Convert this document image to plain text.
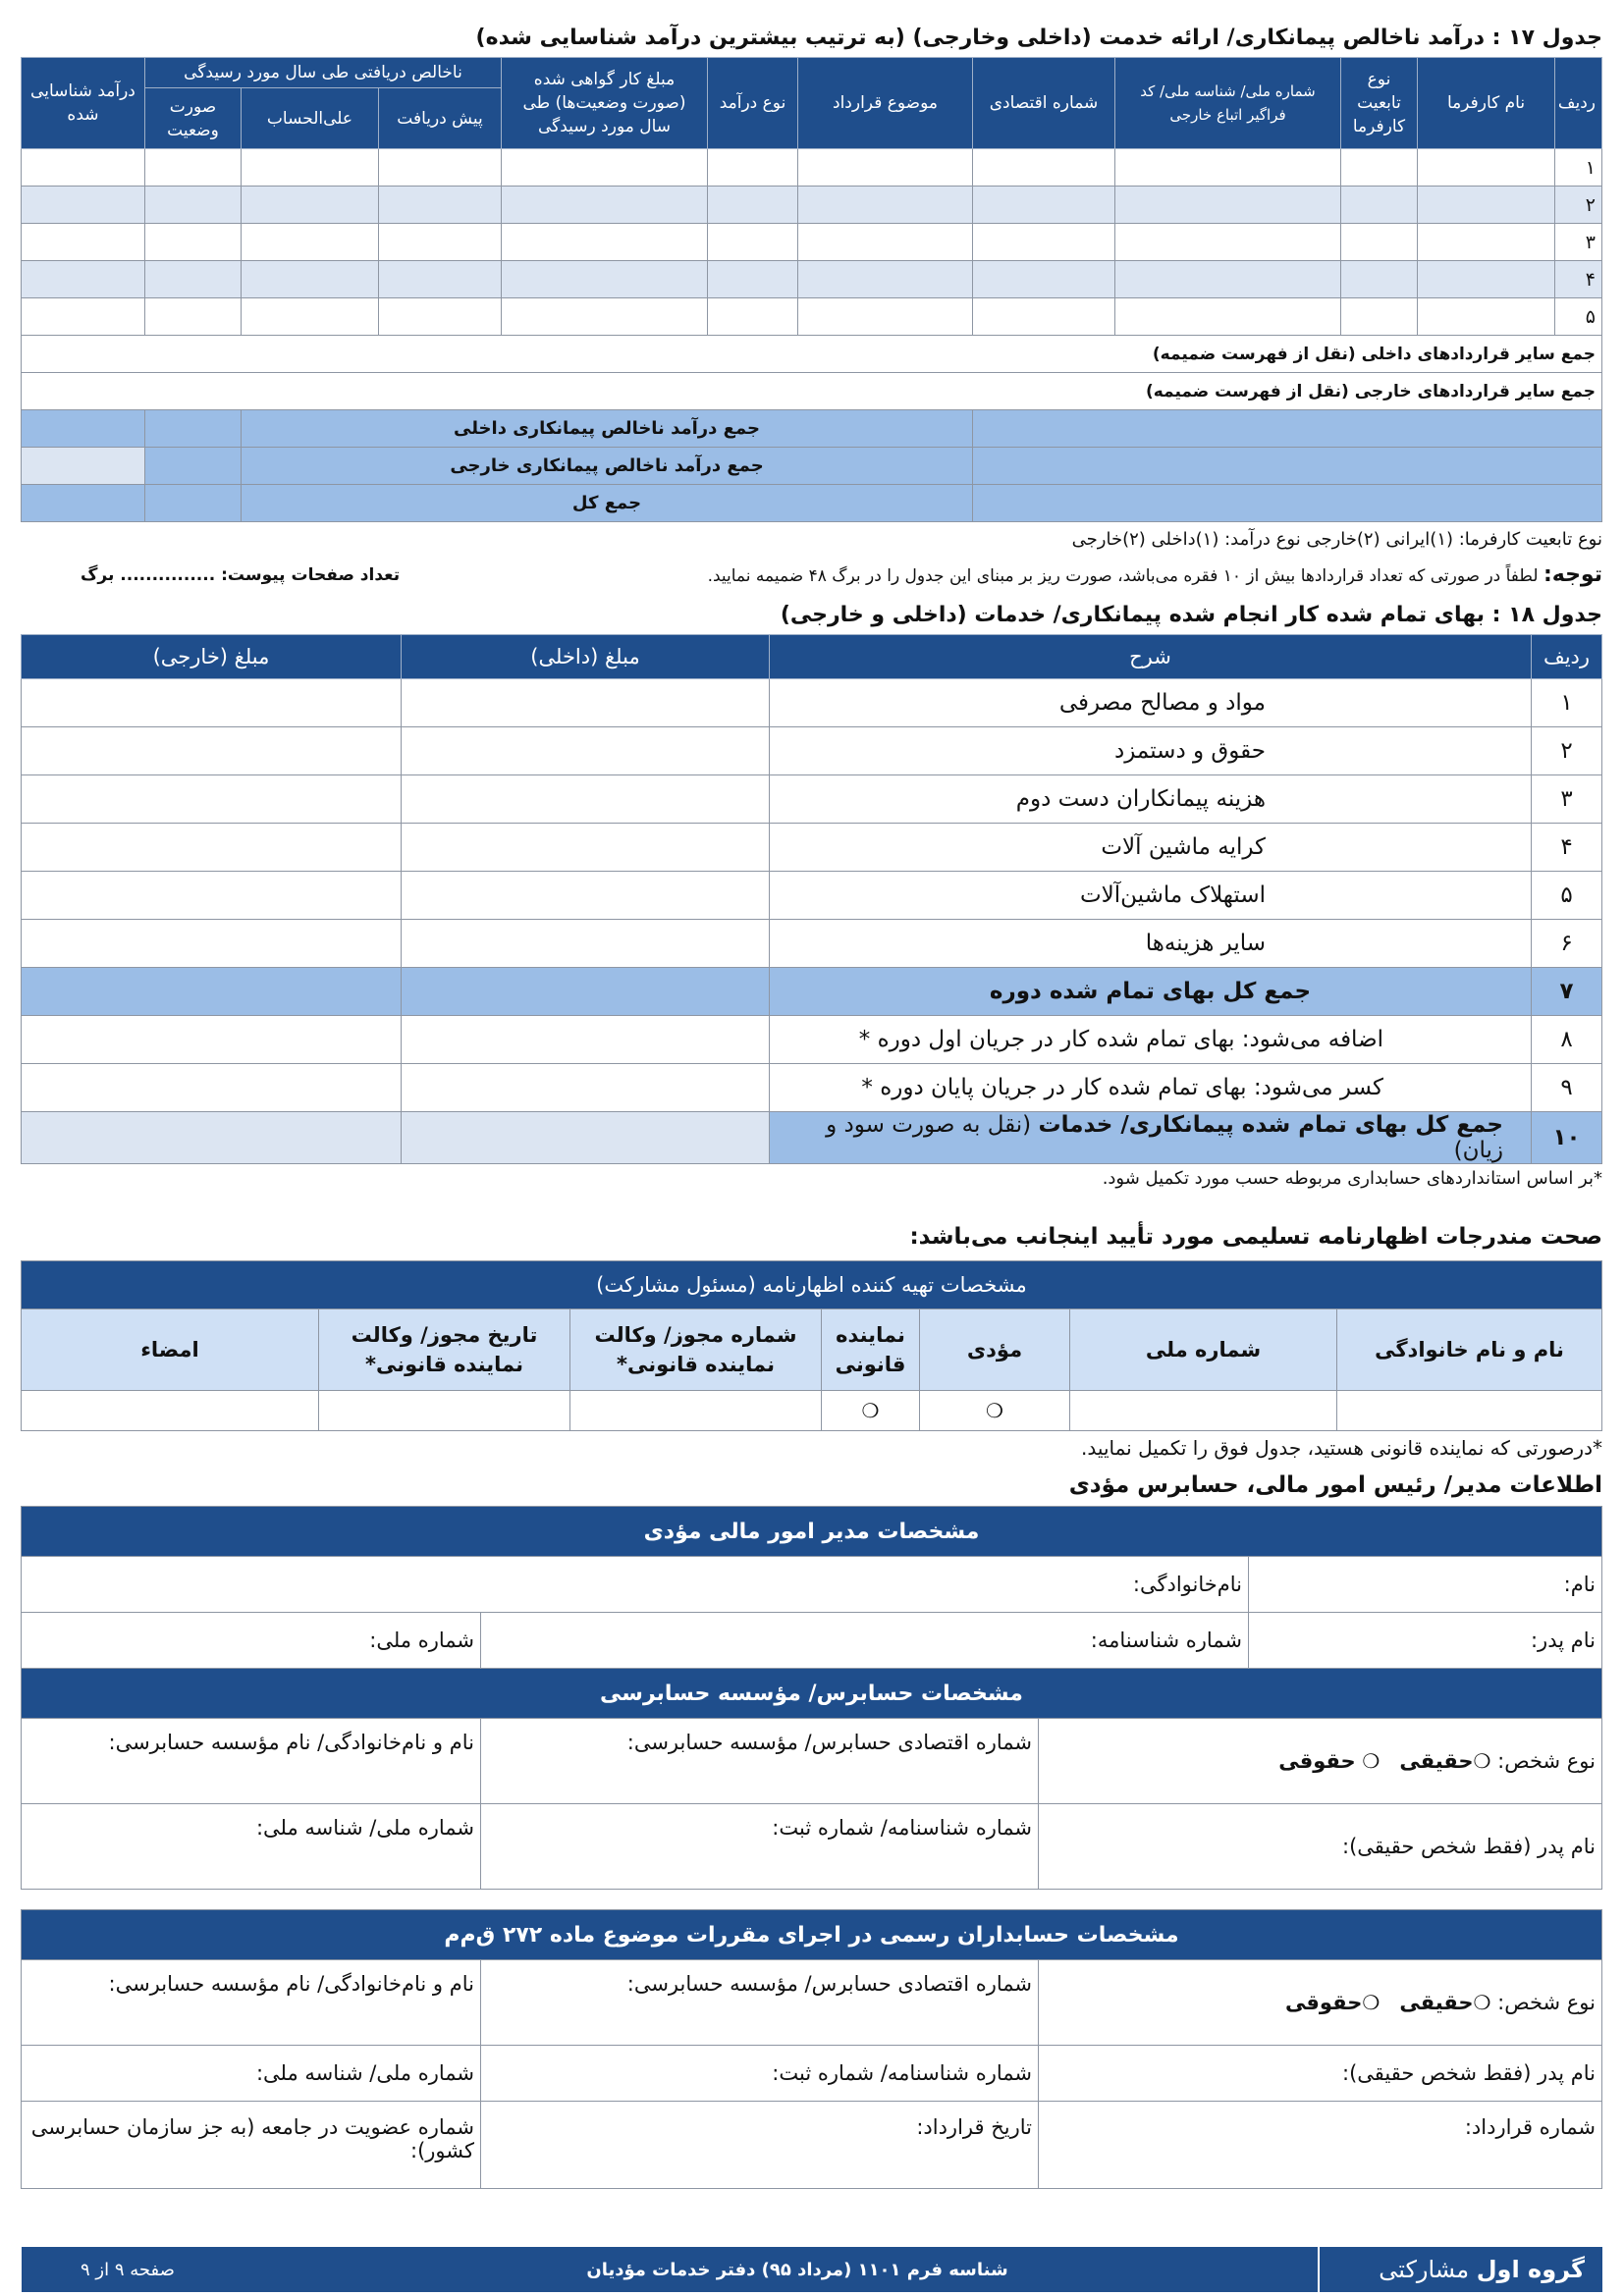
جدول ۱۷ : درآمد ناخالص پیمانکاری/ ارائه خدمت (داخلی وخارجی) (به ترتیب بیشترین درآمد شناسایی شده)
ردیف	نام کارفرما	نوع تابعیت کارفرما	شماره ملی/ شناسه ملی/ کد فراگیر اتباع خارجی	شماره اقتصادی	موضوع قرارداد	نوع درآمد	مبلغ کار گواهی شده (صورت وضعیت‌ها) طی سال مورد رسیدگی	ناخالص دریافتی طی سال مورد رسیدگی			درآمد شناسایی شده
								پیش دریافت	علی‌الحساب	صورت وضعیت	
۱											
۲											
۳											
۴											
۵											
جمع سایر قراردادهای داخلی (نقل از فهرست ضمیمه)											
جمع سایر قراردادهای خارجی (نقل از فهرست ضمیمه)											
					جمع درآمد ناخالص پیمانکاری داخلی						
					جمع درآمد ناخالص پیمانکاری خارجی						
					جمع کل						
نوع تابعیت کارفرما: (۱)ایرانی (۲)خارجی نوع درآمد: (۱)داخلی (۲)خارجی
توجه: لطفاً در صورتی که تعداد قراردادها بیش از ۱۰ فقره می‌باشد، صورت ریز بر مبنای این جدول را در برگ ۴۸ ضمیمه نمایید.
تعداد صفحات پیوست: ............... برگ
جدول ۱۸ : بهای تمام شده کار انجام شده پیمانکاری/ خدمات (داخلی و خارجی)
ردیف	شرح	مبلغ (داخلی)	مبلغ (خارجی)
۱	مواد و مصالح مصرفی		
۲	حقوق و دستمزد		
۳	هزینه پیمانکاران دست دوم		
۴	کرایه ماشین آلات		
۵	استهلاک ماشین‌آلات		
۶	سایر هزینه‌ها		
۷	جمع کل بهای تمام شده دوره		
۸	اضافه می‌شود: بهای تمام شده کار در جریان اول دوره *		
۹	کسر می‌شود: بهای تمام شده کار در جریان پایان دوره *		
۱۰	جمع کل بهای تمام شده پیمانکاری/ خدمات (نقل به صورت سود و زیان)		
*بر اساس استانداردهای حسابداری مربوطه حسب مورد تکمیل شود.
صحت مندرجات اظهارنامه تسلیمی مورد تأیید اینجانب می‌باشد:
مشخصات تهیه کننده اظهارنامه (مسئول مشارکت)						
نام و نام خانوادگی	شماره ملی	مؤدی	نماینده قانونی	شماره مجوز/ وکالت نماینده قانونی*	تاریخ مجوز/ وکالت نماینده قانونی*	امضاء
		❍	❍			
*درصورتی که نماینده قانونی هستید، جدول فوق را تکمیل نمایید.
اطلاعات مدیر/ رئیس امور مالی، حسابرس مؤدی
مشخصات مدیر امور مالی مؤدی			
نام:	نام‌خانوادگی:		
نام پدر:	شماره شناسنامه:		شماره ملی:
مشخصات حسابرس/ مؤسسه حسابرسی			
نوع شخص: ❍حقیقی   ❍ حقوقی		شماره اقتصادی حسابرس/ مؤسسه حسابرسی:	نام و نام‌خانوادگی/ نام مؤسسه حسابرسی:
نام پدر (فقط شخص حقیقی):		شماره شناسنامه/ شماره ثبت:	شماره ملی/ شناسه ملی:
مشخصات حسابداران رسمی در اجرای مقررات موضوع ماده ۲۷۲ ق‌م‌م		
نوع شخص: ❍حقیقی   ❍حقوقی	شماره اقتصادی حسابرس/ مؤسسه حسابرسی:	نام و نام‌خانوادگی/ نام مؤسسه حسابرسی:
نام پدر (فقط شخص حقیقی):	شماره شناسنامه/ شماره ثبت:	شماره ملی/ شناسه ملی:
شماره قرارداد:	تاریخ قرارداد:	شماره عضویت در جامعه (به جز سازمان حسابرسی کشور):
گروه اول مشارکتی
شناسه فرم ۱۱۰۱ (مرداد ۹۵) دفتر خدمات مؤدیان
صفحه ۹ از ۹
